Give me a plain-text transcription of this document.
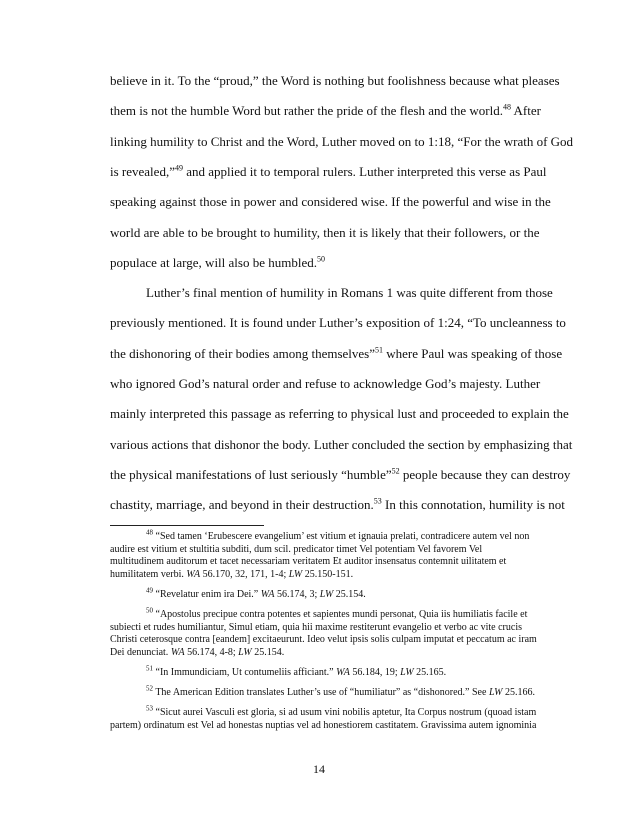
believe in it. To the “proud,” the Word is nothing but foolishness because what pleases
them is not the humble Word but rather the pride of the flesh and the world.$^{48}$ After
linking humility to Christ and the Word, Luther moved on to 1:18, “For the wrath of God
is revealed,”$^{49}$ and applied it to temporal rulers. Luther interpreted this verse as Paul
speaking against those in power and considered wise. If the powerful and wise in the
world are able to be brought to humility, then it is likely that their followers, or the
populace at large, will also be humbled.$^{50}$
Luther’s final mention of humility in Romans 1 was quite different from those
previously mentioned. It is found under Luther’s exposition of 1:24, “To uncleanness to
the dishonoring of their bodies among themselves”$^{51}$ where Paul was speaking of those
who ignored God’s natural order and refuse to acknowledge God’s majesty. Luther
mainly interpreted this passage as referring to physical lust and proceeded to explain the
various actions that dishonor the body. Luther concluded the section by emphasizing that
the physical manifestations of lust seriously “humble”$^{52}$ people because they can destroy
chastity, marriage, and beyond in their destruction.$^{53}$ In this connotation, humility is not
$^{48}$ “Sed tamen ‘Erubescere evangelium’ est vitium et ignauia prelati, contradicere autem vel non
audire est vitium et stultitia subditi, dum scil. predicator timet Vel potentiam Vel favorem Vel
multitudinem auditorum et tacet necessariam veritatem Et auditor insensatus contemnit uilitatem et
humilitatem verbi. WA 56.170, 32, 171, 1-4; LW 25.150-151.
$^{49}$ “Revelatur enim ira Dei.” WA 56.174, 3; LW 25.154.
$^{50}$ “Apostolus precipue contra potentes et sapientes mundi personat, Quia iis humiliatis facile et
subiecti et rudes humiliantur, Simul etiam, quia hii maxime restiterunt evangelio et verbo ac vite crucis
Christi ceterosque contra [eandem] excitaeurunt. Ideo velut ipsis solis culpam imputat et peccatum ac iram
Dei denunciat. WA 56.174, 4-8; LW 25.154.
$^{51}$ “In Immundiciam, Ut contumeliis afficiant.” WA 56.184, 19; LW 25.165.
$^{52}$ The American Edition translates Luther’s use of “humiliatur” as “dishonored.” See LW 25.166.
$^{53}$ “Sicut aurei Vasculi est gloria, si ad usum vini nobilis aptetur, Ita Corpus nostrum (quoad istam
partem) ordinatum est Vel ad honestas nuptias vel ad honestiorem castitatem. Gravissima autem ignominia
14
